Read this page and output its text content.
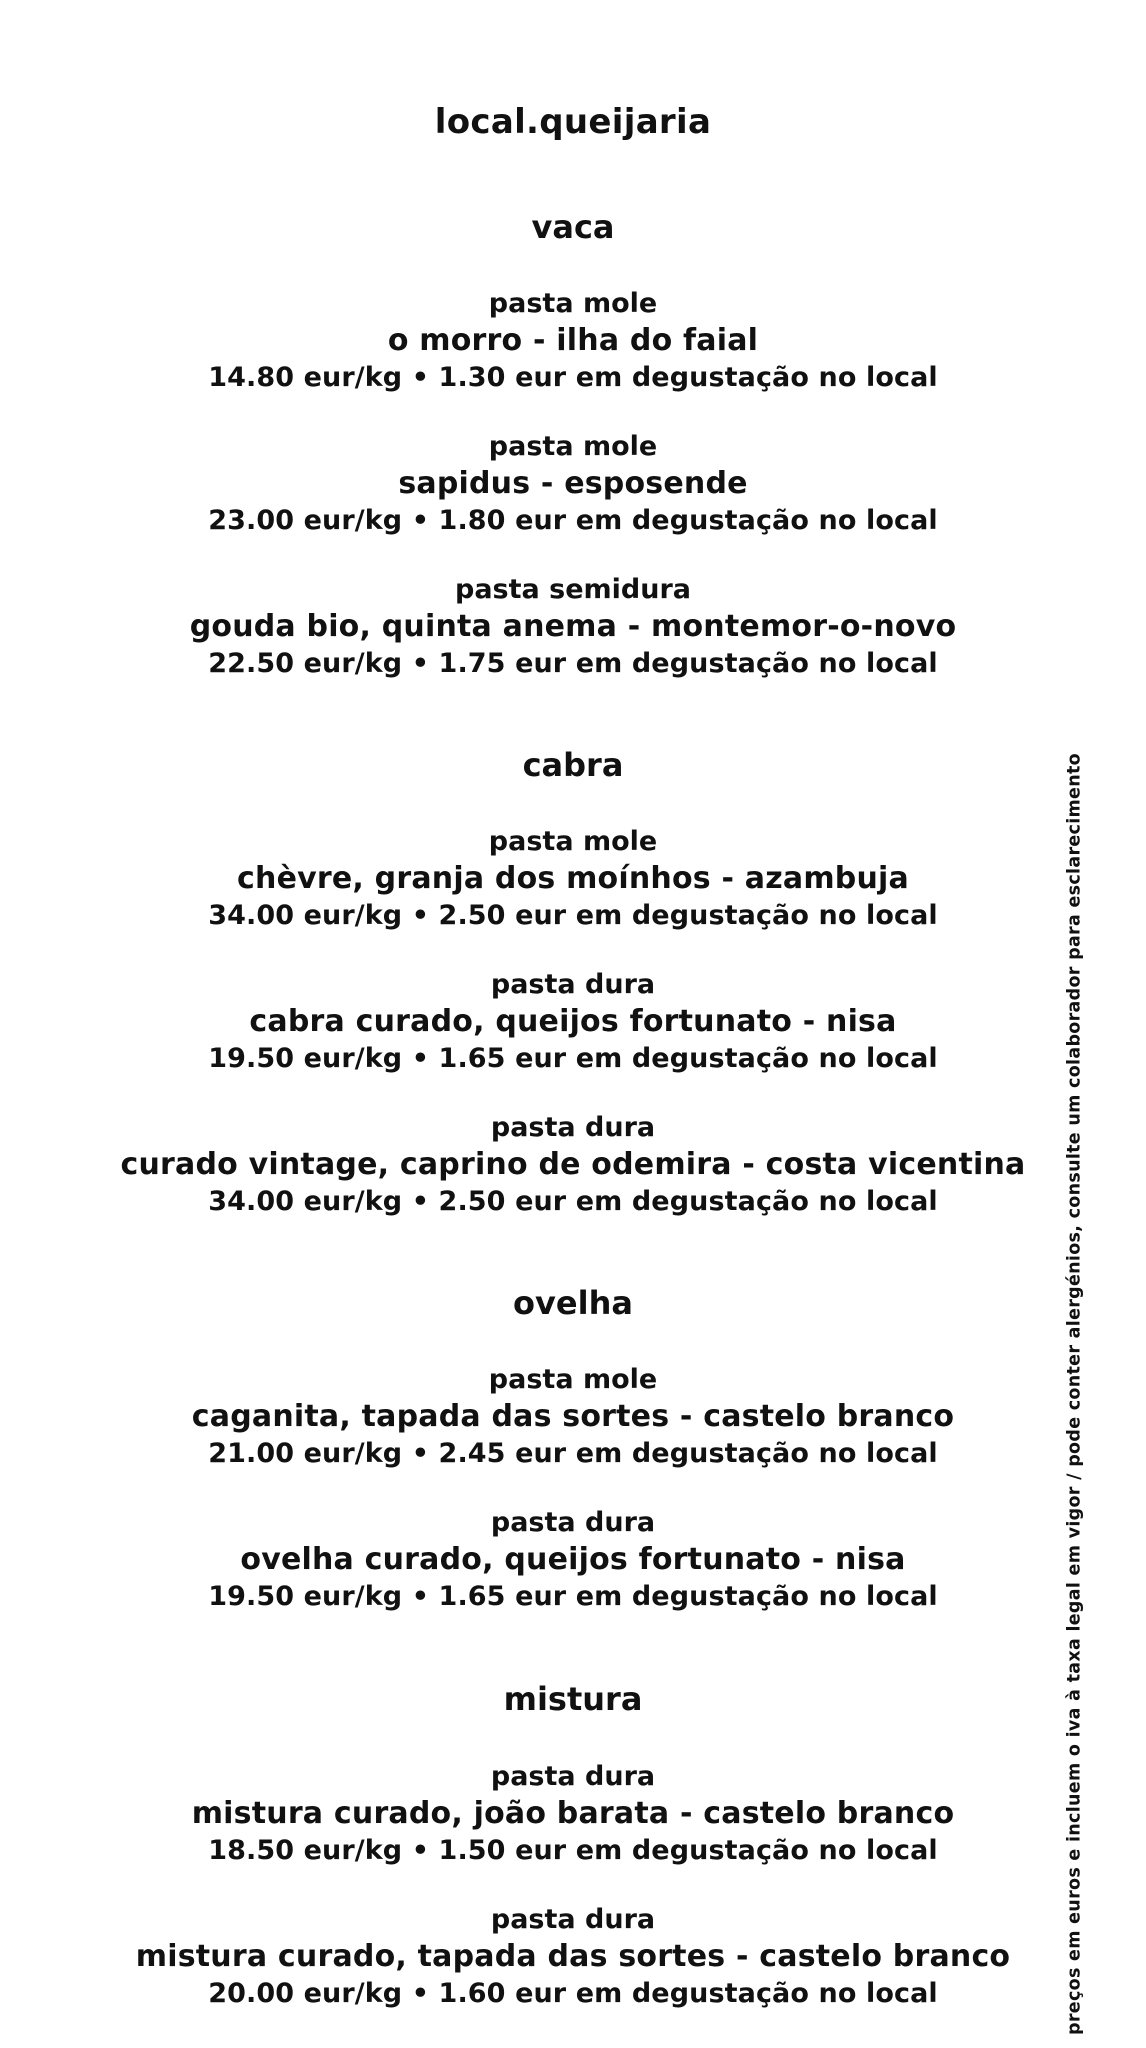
local.queijaria
vaca
pasta mole
o morro - ilha do faial
14.80 eur/kg • 1.30 eur em degustação no local
pasta mole
sapidus - esposende
23.00 eur/kg • 1.80 eur em degustação no local
pasta semidura
gouda bio, quinta anema - montemor-o-novo
22.50 eur/kg • 1.75 eur em degustação no local
cabra
pasta mole
chèvre, granja dos moínhos - azambuja
34.00 eur/kg • 2.50 eur em degustação no local
pasta dura
cabra curado, queijos fortunato - nisa
19.50 eur/kg • 1.65 eur em degustação no local
pasta dura
curado vintage, caprino de odemira - costa vicentina
34.00 eur/kg • 2.50 eur em degustação no local
ovelha
pasta mole
caganita, tapada das sortes - castelo branco
21.00 eur/kg • 2.45 eur em degustação no local
pasta dura
ovelha curado, queijos fortunato - nisa
19.50 eur/kg • 1.65 eur em degustação no local
mistura
pasta dura
mistura curado, joão barata - castelo branco
18.50 eur/kg • 1.50 eur em degustação no local
pasta dura
mistura curado, tapada das sortes - castelo branco
20.00 eur/kg • 1.60 eur em degustação no local	preços em euros e incluem o iva à taxa legal em vigor / pode conter alergénios, consulte um colaborador para esclarecimento
